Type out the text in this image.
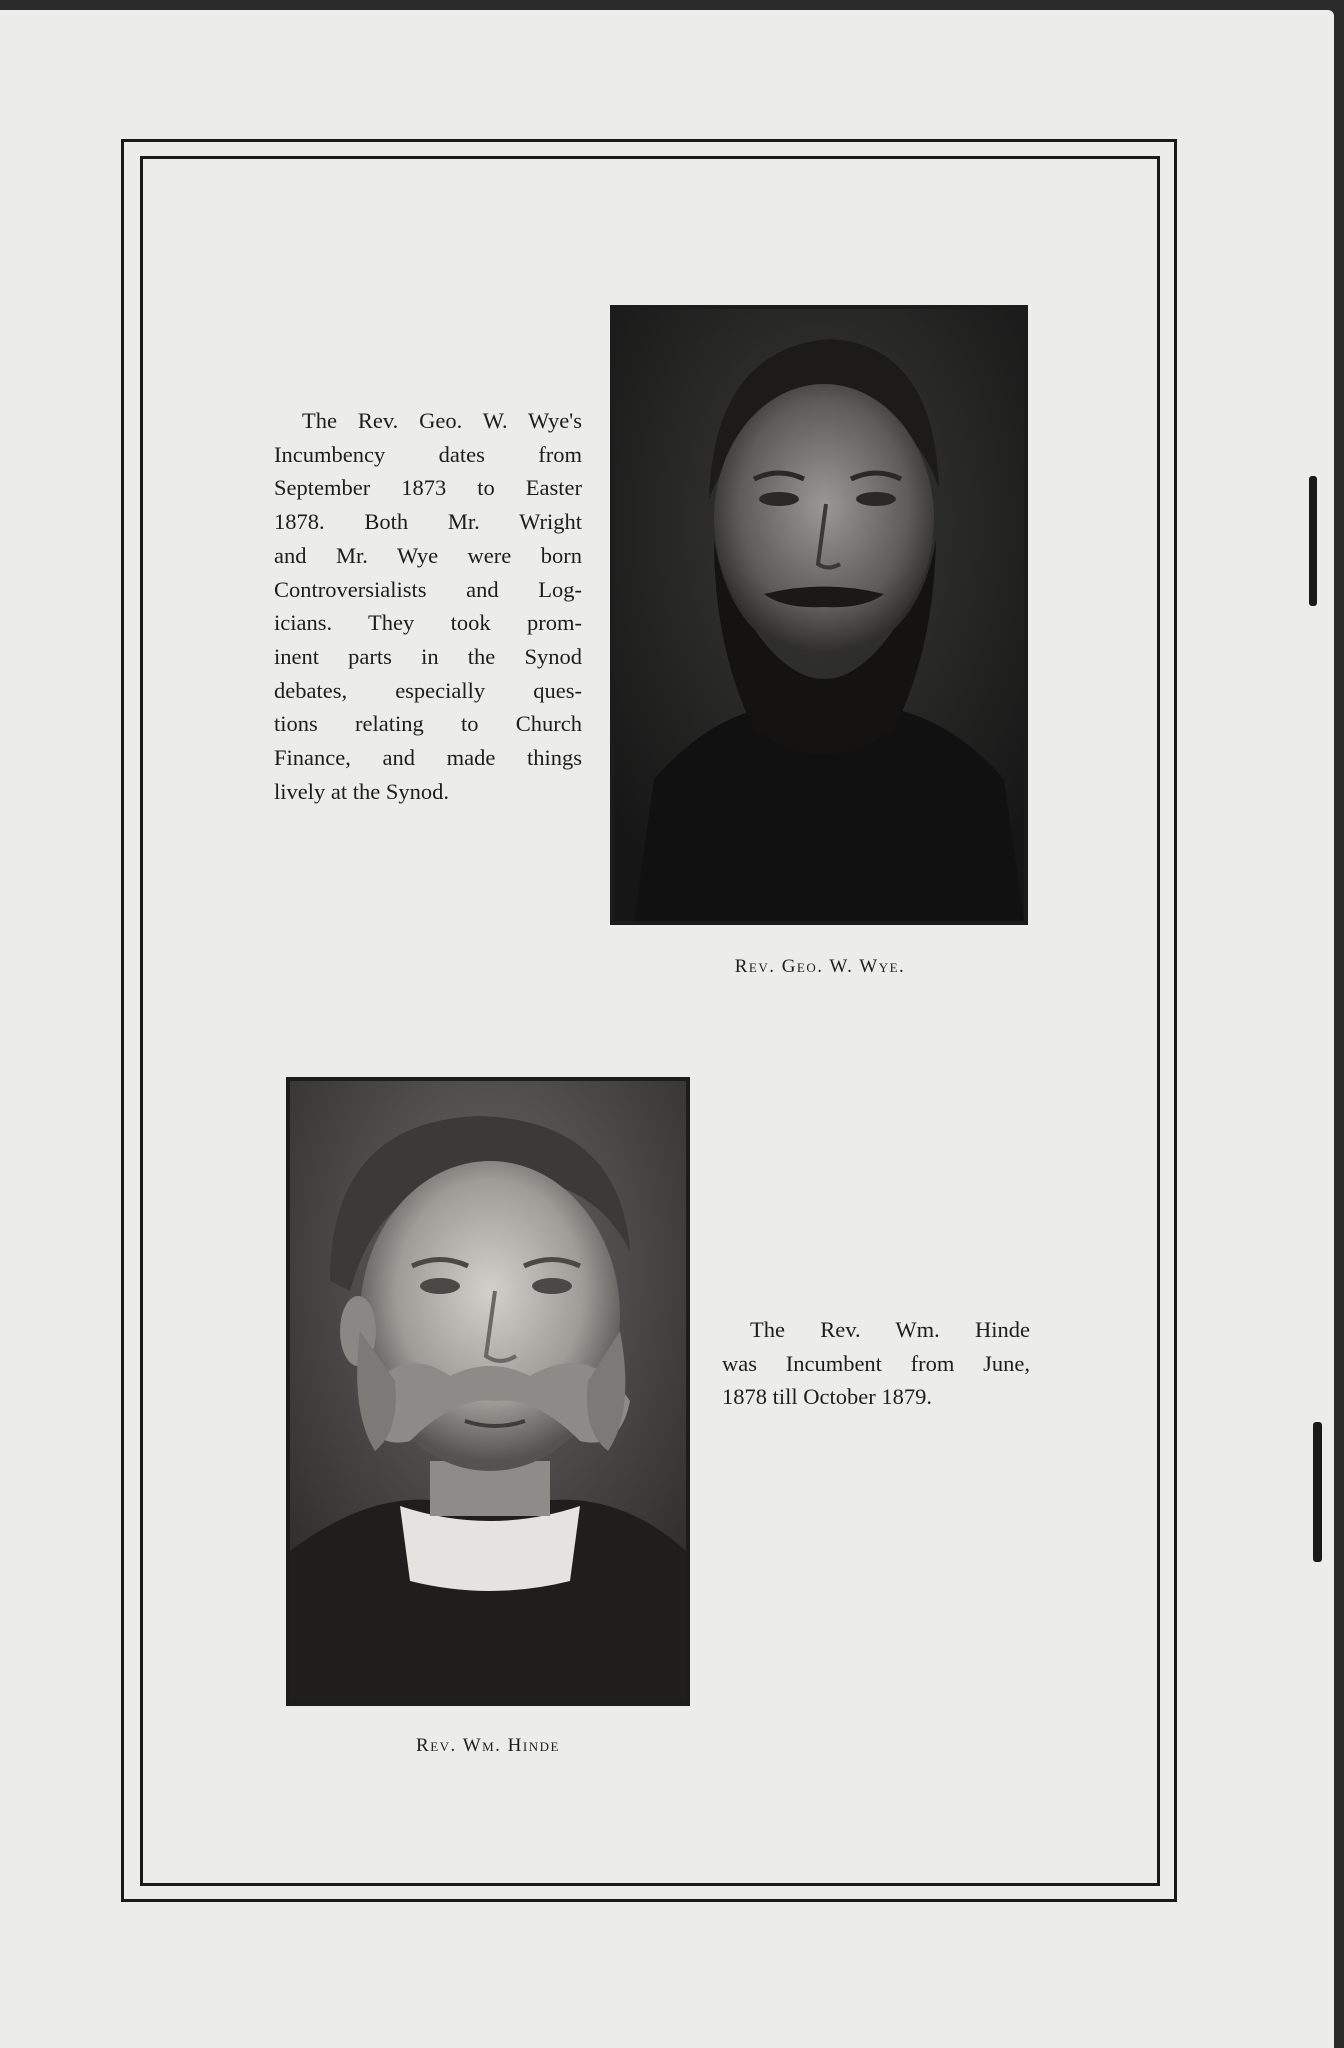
The Rev. Geo. W. Wye's
Incumbency dates from
September 1873 to Easter
1878. Both Mr. Wright
and Mr. Wye were born
Controversialists and Log-
icians. They took prom-
inent parts in the Synod
debates, especially ques-
tions relating to Church
Finance, and made things
lively at the Synod.

Rev. Geo. W. Wye.
Rev. Wm. Hinde

The Rev. Wm. Hinde
was Incumbent from June,
1878 till October 1879.
